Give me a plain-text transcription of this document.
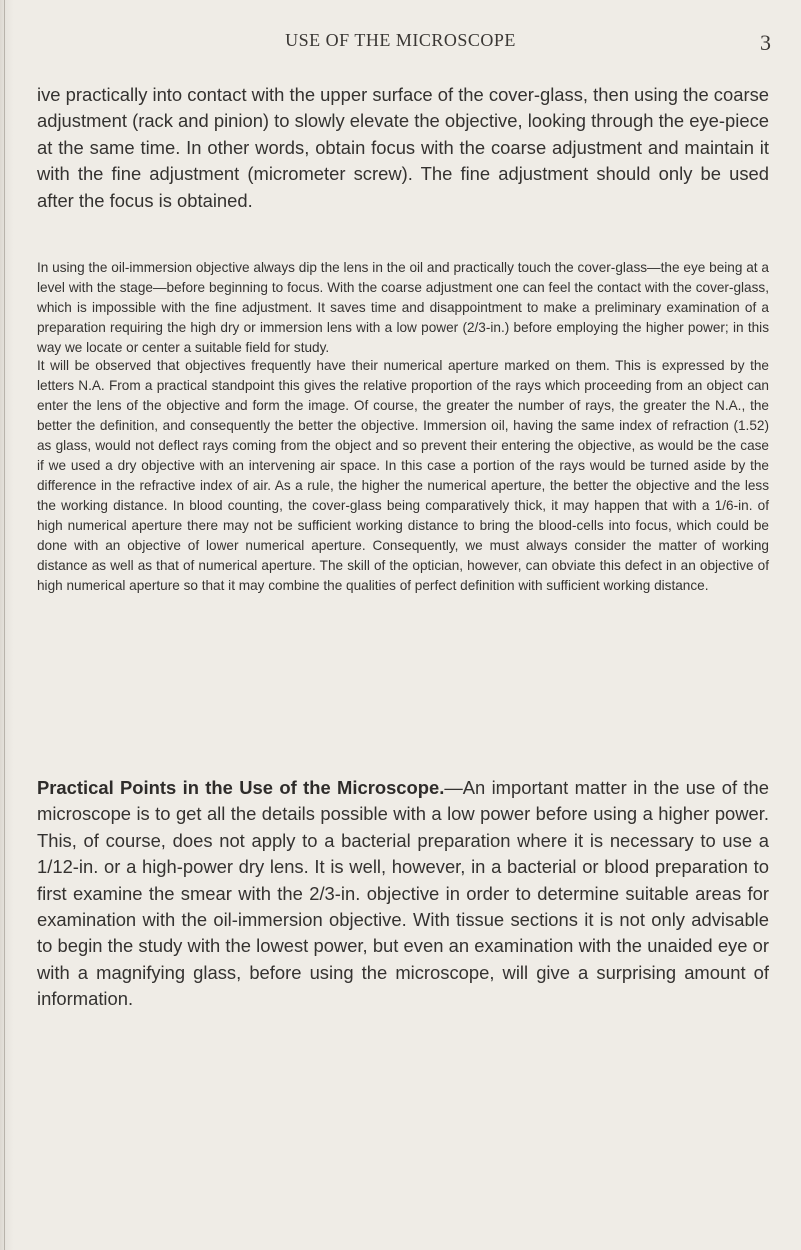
USE OF THE MICROSCOPE	3

ive practically into contact with the upper surface of the cover-glass, then using the coarse adjustment (rack and pinion) to slowly elevate the objective, looking through the eye-piece at the same time. In other words, obtain focus with the coarse adjustment and maintain it with the fine adjustment (micrometer screw). The fine adjustment should only be used after the focus is obtained.

In using the oil-immersion objective always dip the lens in the oil and practically touch the cover-glass—the eye being at a level with the stage—before beginning to focus. With the coarse adjustment one can feel the contact with the cover-glass, which is impossible with the fine adjustment. It saves time and disappointment to make a preliminary examination of a preparation requiring the high dry or immersion lens with a low power (2/3-in.) before employing the higher power; in this way we locate or center a suitable field for study.

It will be observed that objectives frequently have their numerical aperture marked on them. This is expressed by the letters N.A. From a practical standpoint this gives the relative proportion of the rays which proceeding from an object can enter the lens of the objective and form the image. Of course, the greater the number of rays, the greater the N.A., the better the definition, and consequently the better the objective. Immersion oil, having the same index of refraction (1.52) as glass, would not deflect rays coming from the object and so prevent their entering the objective, as would be the case if we used a dry objective with an intervening air space. In this case a portion of the rays would be turned aside by the difference in the refractive index of air. As a rule, the higher the numerical aperture, the better the objective and the less the working distance. In blood counting, the cover-glass being comparatively thick, it may happen that with a 1/6-in. of high numerical aperture there may not be sufficient working distance to bring the blood-cells into focus, which could be done with an objective of lower numerical aperture. Consequently, we must always consider the matter of working distance as well as that of numerical aperture. The skill of the optician, however, can obviate this defect in an objective of high numerical aperture so that it may combine the qualities of perfect definition with sufficient working distance.

Practical Points in the Use of the Microscope.—An important matter in the use of the microscope is to get all the details possible with a low power before using a higher power. This, of course, does not apply to a bacterial preparation where it is necessary to use a 1/12-in. or a high-power dry lens. It is well, however, in a bacterial or blood preparation to first examine the smear with the 2/3-in. objective in order to determine suitable areas for examination with the oil-immersion objective. With tissue sections it is not only advisable to begin the study with the lowest power, but even an examination with the unaided eye or with a magnifying glass, before using the microscope, will give a surprising amount of information.
